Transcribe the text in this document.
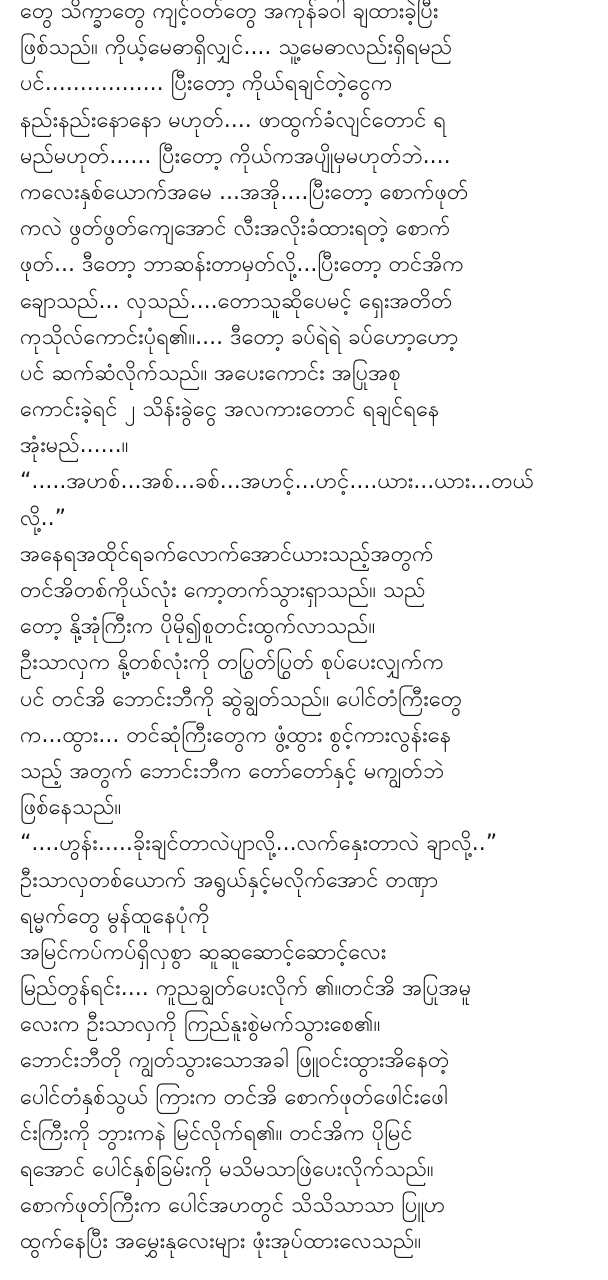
တွေ သိက္ခာတွေ ကျင့်ဝတ်တွေ အကုန်ခဝါ ချထားခဲ့ပြီး
ဖြစ်သည်။ ကိုယ့်မေဓာရှိလျှင်.... သူ့မေဓာလည်းရှိရမည်
ပင်................. ပြီးတော့ ကိုယ်ရချင်တဲ့ငွေက
နည်းနည်းနောနော မဟုတ်.... ဖာထွက်ခံလျင်တောင် ရ
မည်မဟုတ်...... ပြီးတော့ ကိုယ်ကအပျိုမှမဟုတ်ဘဲ....
ကလေးနှစ်ယောက်အမေ ...အအို....ပြီးတော့ စောက်ဖုတ်
ကလဲ ဖွတ်ဖွတ်ကျေအောင် လီးအလိုးခံထားရတဲ့ စောက်
ဖုတ်... ဒီတော့ ဘာဆန်းတာမှတ်လို့...ပြီးတော့ တင်အိက
ချောသည်... လှသည်....တောသူဆိုပေမင့် ရှေးအတိတ်
ကုသိုလ်ကောင်းပုံရ၏။.... ဒီတော့ ခပ်ရဲရဲ ခပ်ဟော့ဟော့
ပင် ဆက်ဆံလိုက်သည်။ အပေးကောင်း အပြုအစု
ကောင်းခဲ့ရင် ၂ သိန်းခွဲငွေ အလကားတောင် ရချင်ရနေ
အုံးမည်......။
“.....အဟစ်...အစ်...ခစ်...အဟင့်...ဟင့်....ယား...ယား...တယ်
လို့..”
အနေရအထိုင်ရခက်လောက်အောင်ယားသည့်အတွက်
တင်အိတစ်ကိုယ်လုံး ကော့တက်သွားရှာသည်။ သည်
တော့ နို့အုံကြီးက ပိုမို၍စူတင်းထွက်လာသည်။
ဦးသာလှက နို့တစ်လုံးကို တပြွတ်ပြွတ် စုပ်ပေးလျှက်က
ပင် တင်အိ ဘောင်းဘီကို ဆွဲချွတ်သည်။ ပေါင်တံကြီးတွေ
က...ထွား... တင်ဆုံကြီးတွေက ဖွံ့ထွား စွင့်ကားလွန်းနေ
သည့် အတွက် ဘောင်းဘီက တော်တော်နှင့် မကျွတ်ဘဲ
ဖြစ်နေသည်။
“....ဟွန်း.....ခိုးချင်တာလဲပျာလို့...လက်နှေးတာလဲ ချာလို့..”
ဦးသာလှတစ်ယောက် အရွယ်နှင့်မလိုက်အောင် တဏှာ
ရမ္မက်တွေ မွန်ထူနေပုံကို
အမြင်ကပ်ကပ်ရှိလှစွာ ဆူဆူဆောင့်ဆောင့်လေး
မြည်တွန်ရင်း.... ကူညချွတ်ပေးလိုက် ၏။တင်အိ အပြုအမူ
လေးက ဦးသာလှကို ကြည်နူးစွဲမက်သွားစေ၏။
ဘောင်းဘီတို ကျွတ်သွားသောအခါ ဖြူဝင်းထွားအိနေတဲ့
ပေါင်တံနှစ်သွယ် ကြားက တင်အိ စောက်ဖုတ်ဖေါင်းဖေါ
င်းကြီးကို ဘွားကနဲ မြင်လိုက်ရ၏။ တင်အိက ပိုမြင်
ရအောင် ပေါင်နှစ်ခြမ်းကို မသိမသာဖြဲပေးလိုက်သည်။
စောက်ဖုတ်ကြီးက ပေါင်အဟတွင် သိသိသာသာ ပြူဟ
ထွက်နေပြီး အမွှေးနုလေးများ ဖုံးအုပ်ထားလေသည်။
